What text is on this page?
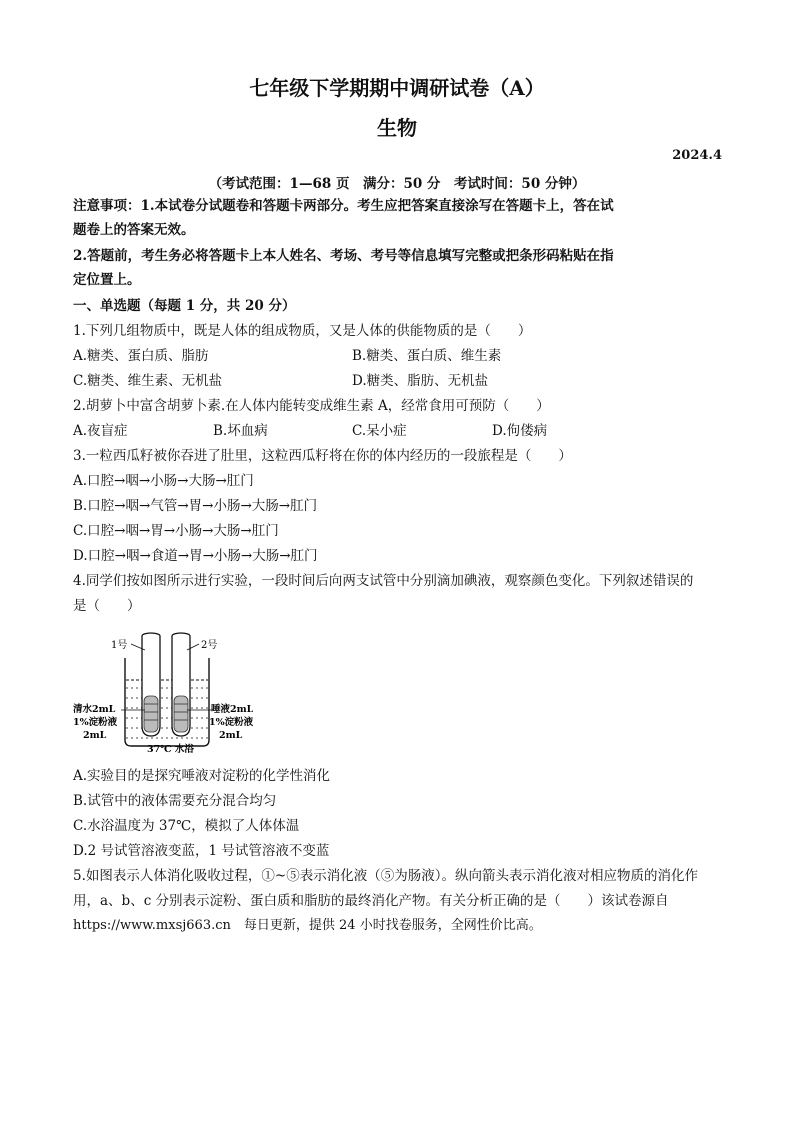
七年级下学期期中调研试卷（A）
生物
2024.4
（考试范围：1—68 页　满分：50 分　考试时间：50 分钟）
注意事项：1.本试卷分试题卷和答题卡两部分。考生应把答案直接涂写在答题卡上，答在试
题卷上的答案无效。
2.答题前，考生务必将答题卡上本人姓名、考场、考号等信息填写完整或把条形码粘贴在指
定位置上。
一、单选题（每题 1 分，共 20 分）
1.下列几组物质中，既是人体的组成物质，又是人体的供能物质的是（　　）
A.糖类、蛋白质、脂肪	B.糖类、蛋白质、维生素
C.糖类、维生素、无机盐	D.糖类、脂肪、无机盐
2.胡萝卜中富含胡萝卜素.在人体内能转变成维生素 A，经常食用可预防（　　）
A.夜盲症	B.坏血病	C.呆小症	D.佝偻病
3.一粒西瓜籽被你吞进了肚里，这粒西瓜籽将在你的体内经历的一段旅程是（　　）
A.口腔→咽→小肠→大肠→肛门
B.口腔→咽→气管→胃→小肠→大肠→肛门
C.口腔→咽→胃→小肠→大肠→肛门
D.口腔→咽→食道→胃→小肠→大肠→肛门
4.同学们按如图所示进行实验，一段时间后向两支试管中分别滴加碘液，观察颜色变化。下列叙述错误的
是（　　）
1号	2号
清水2mL
1%淀粉液
2mL
唾液2mL
1%淀粉液
2mL
37℃ 水浴
A.实验目的是探究唾液对淀粉的化学性消化
B.试管中的液体需要充分混合均匀
C.水浴温度为 37℃，模拟了人体体温
D.2 号试管溶液变蓝，1 号试管溶液不变蓝
5.如图表示人体消化吸收过程，①~⑤表示消化液（⑤为肠液）。纵向箭头表示消化液对相应物质的消化作
用，a、b、c 分别表示淀粉、蛋白质和脂肪的最终消化产物。有关分析正确的是（　　）该试卷源自
https://www.mxsj663.cn　每日更新，提供 24 小时找卷服务，全网性价比高。
